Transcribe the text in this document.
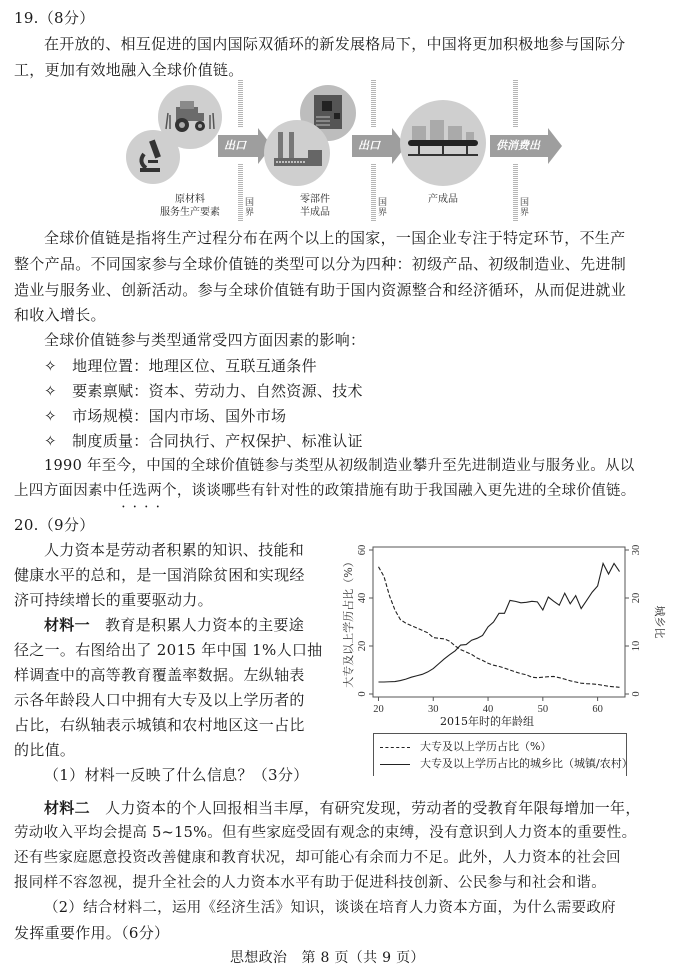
19.（8分）
在开放的、相互促进的国内国际双循环的新发展格局下，中国将更加积极地参与国际分
工，更加有效地融入全球价值链。
出口
国界
出口
国界
供消费出口
国界
原材料
服务生产要素
零部件
半成品
产成品
全球价值链是指将生产过程分布在两个以上的国家，一国企业专注于特定环节，不生产
整个产品。不同国家参与全球价值链的类型可以分为四种：初级产品、初级制造业、先进制
造业与服务业、创新活动。参与全球价值链有助于国内资源整合和经济循环，从而促进就业
和收入增长。
全球价值链参与类型通常受四方面因素的影响：
✧ 地理位置：地理区位、互联互通条件
✧ 要素禀赋：资本、劳动力、自然资源、技术
✧ 市场规模：国内市场、国外市场
✧ 制度质量：合同执行、产权保护、标准认证
1990 年至今，中国的全球价值链参与类型从初级制造业攀升至先进制造业与服务业。从以
上四方面因素中任选两个 • •，谈谈哪些有针对性的政策措施有助于我国融入更先进的全球价值链。
20.（9分）
人力资本是劳动者积累的知识、技能和
健康水平的总和，是一国消除贫困和实现经
济可持续增长的重要驱动力。
材料一 教育是积累人力资本的主要途
径之一。右图给出了 2015 年中国 1%人口抽
样调查中的高等教育覆盖率数据。左纵轴表
示各年龄段人口中拥有大专及以上学历者的
占比，右纵轴表示城镇和农村地区这一占比
的比值。
（1）材料一反映了什么信息？（3分）
20	30	40	50	60
0
20
40
60
0
10
20
30
大专及以上学历占比（%）	城乡比
2015年时的年龄组
大专及以上学历占比（%）
大专及以上学历占比的城乡比（城镇/农村）
材料二 人力资本的个人回报相当丰厚，有研究发现，劳动者的受教育年限每增加一年，
劳动收入平均会提高 5~15%。但有些家庭受固有观念的束缚，没有意识到人力资本的重要性。
还有些家庭愿意投资改善健康和教育状况，却可能心有余而力不足。此外，人力资本的社会回
报同样不容忽视，提升全社会的人力资本水平有助于促进科技创新、公民参与和社会和谐。
（2）结合材料二，运用《经济生活》知识，谈谈在培育人力资本方面，为什么需要政府
发挥重要作用。（6分）
思想政治　第 8 页（共 9 页）
